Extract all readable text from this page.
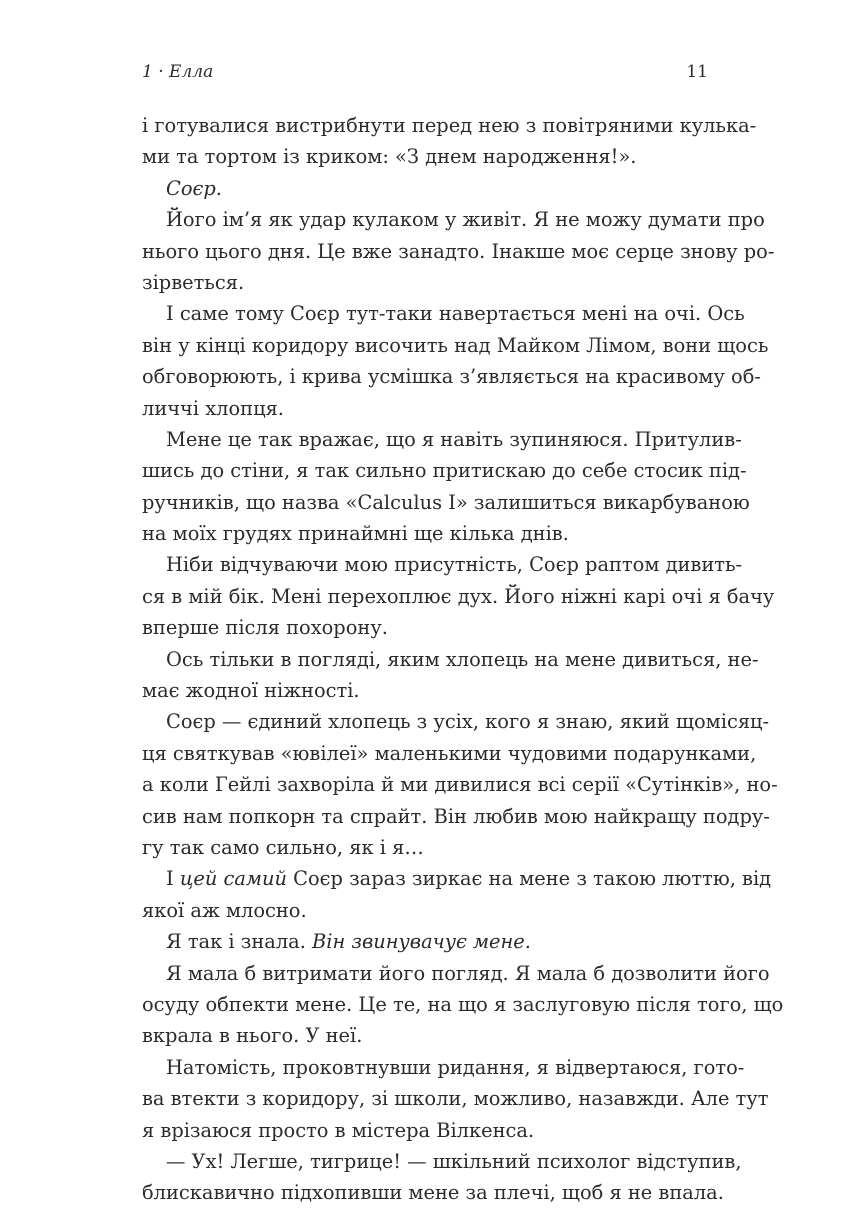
1 · Елла	11
і готувалися вистрибнути перед нею з повітряними кулька-
ми та тортом із криком: «З днем народження!».
Соєр.
Його ім’я як удар кулаком у живіт. Я не можу думати про
нього цього дня. Це вже занадто. Інакше моє серце знову ро-
зірветься.
І саме тому Соєр тут-таки навертається мені на очі. Ось
він у кінці коридору височить над Майком Лімом, вони щось
обговорюють, і крива усмішка з’являється на красивому об-
личчі хлопця.
Мене це так вражає, що я навіть зупиняюся. Притулив-
шись до стіни, я так сильно притискаю до себе стосик під-
ручників, що назва «Calculus I» залишиться викарбуваною
на моїх грудях принаймні ще кілька днів.
Ніби відчуваючи мою присутність, Соєр раптом дивить-
ся в мій бік. Мені перехоплює дух. Його ніжні карі очі я бачу
вперше після похорону.
Ось тільки в погляді, яким хлопець на мене дивиться, не-
має жодної ніжності.
Соєр — єдиний хлопець з усіх, кого я знаю, який щомісяц-
ця святкував «ювілеї» маленькими чудовими подарунками,
а коли Гейлі захворіла й ми дивилися всі серії «Сутінків», но-
сив нам попкорн та спрайт. Він любив мою найкращу подру-
гу так само сильно, як і я…
І цей самий Соєр зараз зиркає на мене з такою люттю, від
якої аж млосно.
Я так і знала. Він звинувачує мене.
Я мала б витримати його погляд. Я мала б дозволити його
осуду обпекти мене. Це те, на що я заслуговую після того, що
вкрала в нього. У неї.
Натомість, проковтнувши ридання, я відвертаюся, гото-
ва втекти з коридору, зі школи, можливо, назавжди. Але тут
я врізаюся просто в містера Вілкенса.
— Ух! Легше, тигрице! — шкільний психолог відступив,
блискавично підхопивши мене за плечі, щоб я не впала.
